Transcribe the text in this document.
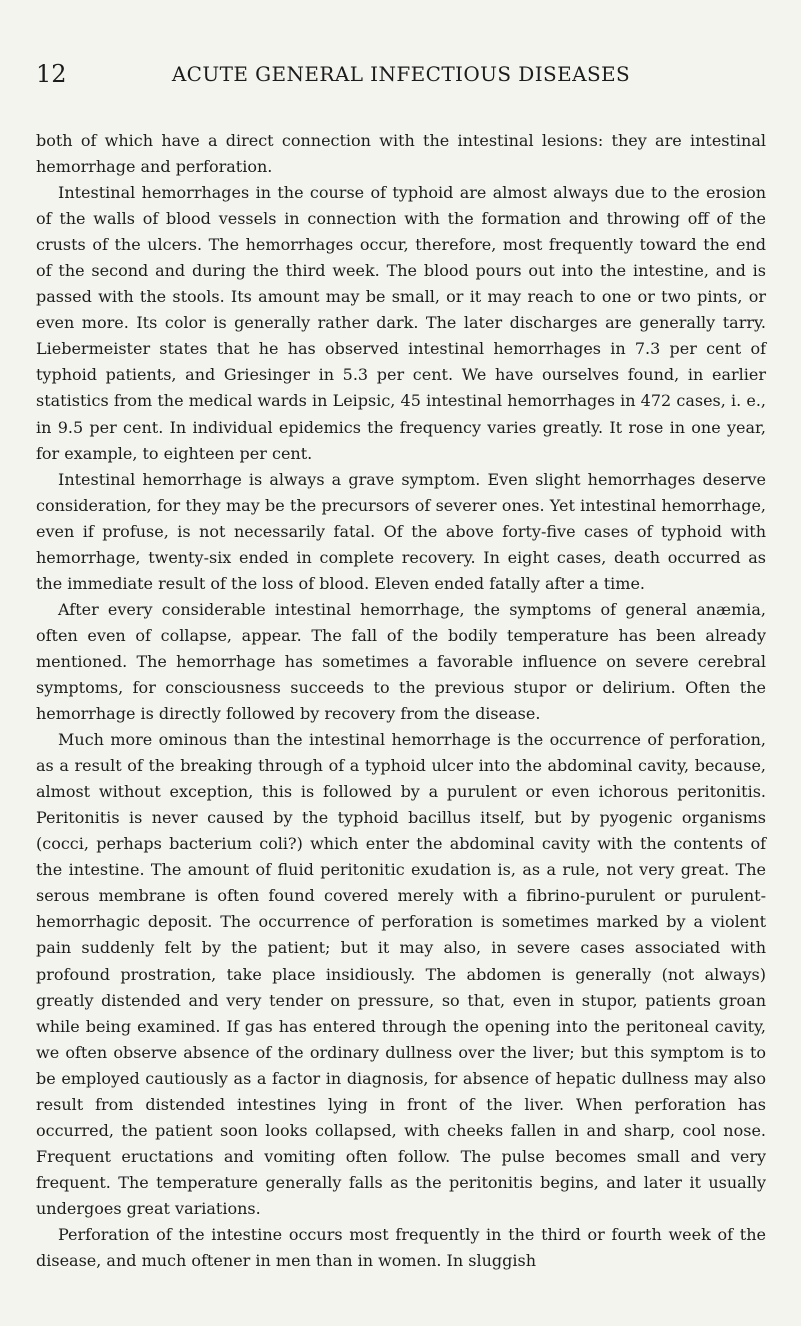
12	ACUTE GENERAL INFECTIOUS DISEASES

both of which have a direct connection with the intestinal lesions: they are intestinal hemorrhage and perforation.

Intestinal hemorrhages in the course of typhoid are almost always due to the erosion of the walls of blood vessels in connection with the formation and throwing off of the crusts of the ulcers. The hemorrhages occur, therefore, most frequently toward the end of the second and during the third week. The blood pours out into the intestine, and is passed with the stools. Its amount may be small, or it may reach to one or two pints, or even more. Its color is generally rather dark. The later discharges are generally tarry. Liebermeister states that he has observed intestinal hemorrhages in 7.3 per cent of typhoid patients, and Griesinger in 5.3 per cent. We have ourselves found, in earlier statistics from the medical wards in Leipsic, 45 intestinal hemorrhages in 472 cases, i. e., in 9.5 per cent. In individual epidemics the frequency varies greatly. It rose in one year, for example, to eighteen per cent.

Intestinal hemorrhage is always a grave symptom. Even slight hemorrhages deserve consideration, for they may be the precursors of severer ones. Yet intestinal hemorrhage, even if profuse, is not necessarily fatal. Of the above forty-five cases of typhoid with hemorrhage, twenty-six ended in complete recovery. In eight cases, death occurred as the immediate result of the loss of blood. Eleven ended fatally after a time.

After every considerable intestinal hemorrhage, the symptoms of general anæmia, often even of collapse, appear. The fall of the bodily temperature has been already mentioned. The hemorrhage has sometimes a favorable influence on severe cerebral symptoms, for consciousness succeeds to the previous stupor or delirium. Often the hemorrhage is directly followed by recovery from the disease.

Much more ominous than the intestinal hemorrhage is the occurrence of perforation, as a result of the breaking through of a typhoid ulcer into the abdominal cavity, because, almost without exception, this is followed by a purulent or even ichorous peritonitis. Peritonitis is never caused by the typhoid bacillus itself, but by pyogenic organisms (cocci, perhaps bacterium coli?) which enter the abdominal cavity with the contents of the intestine. The amount of fluid peritonitic exudation is, as a rule, not very great. The serous membrane is often found covered merely with a fibrino-purulent or purulent-hemorrhagic deposit. The occurrence of perforation is sometimes marked by a violent pain suddenly felt by the patient; but it may also, in severe cases associated with profound prostration, take place insidiously. The abdomen is generally (not always) greatly distended and very tender on pressure, so that, even in stupor, patients groan while being examined. If gas has entered through the opening into the peritoneal cavity, we often observe absence of the ordinary dullness over the liver; but this symptom is to be employed cautiously as a factor in diagnosis, for absence of hepatic dullness may also result from distended intestines lying in front of the liver. When perforation has occurred, the patient soon looks collapsed, with cheeks fallen in and sharp, cool nose. Frequent eructations and vomiting often follow. The pulse becomes small and very frequent. The temperature generally falls as the peritonitis begins, and later it usually undergoes great variations.

Perforation of the intestine occurs most frequently in the third or fourth week of the disease, and much oftener in men than in women. In sluggish
